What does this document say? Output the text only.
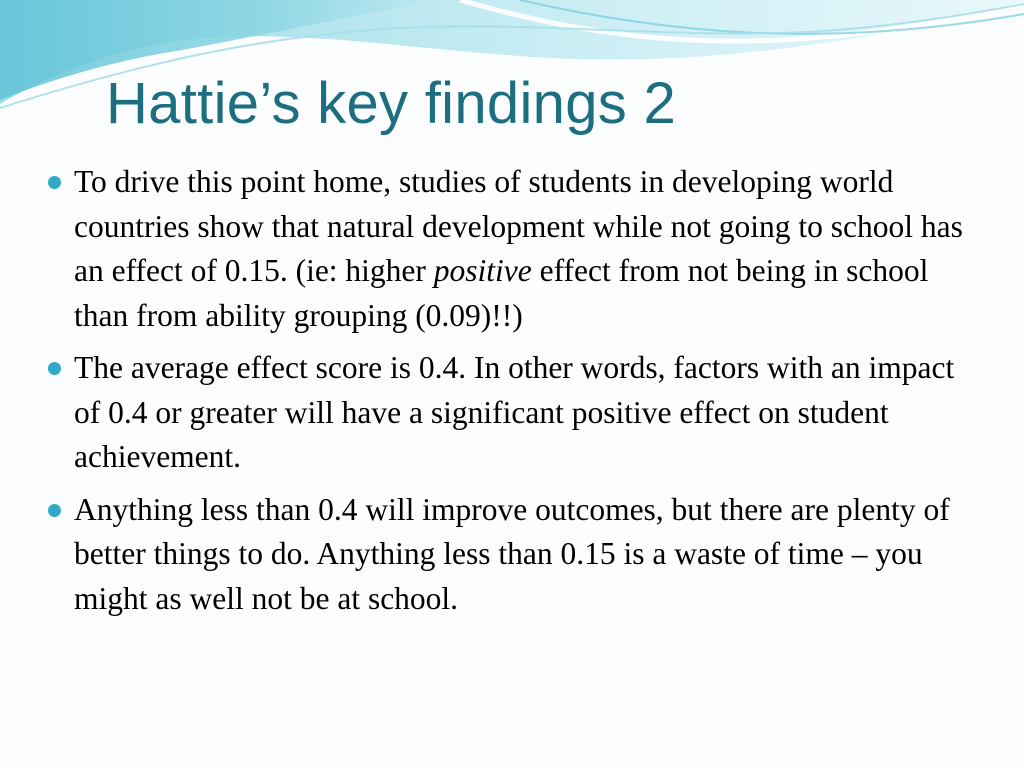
Hattie’s key findings 2
To drive this point home, studies of students in developing world countries show that natural development while not going to school has an effect of 0.15. (ie: higher positive effect from not being in school than from ability grouping (0.09)!!)
The average effect score is 0.4. In other words, factors with an impact of 0.4 or greater will have a significant positive effect on student achievement.
Anything less than 0.4 will improve outcomes, but there are plenty of better things to do. Anything less than 0.15 is a waste of time – you might as well not be at school.
